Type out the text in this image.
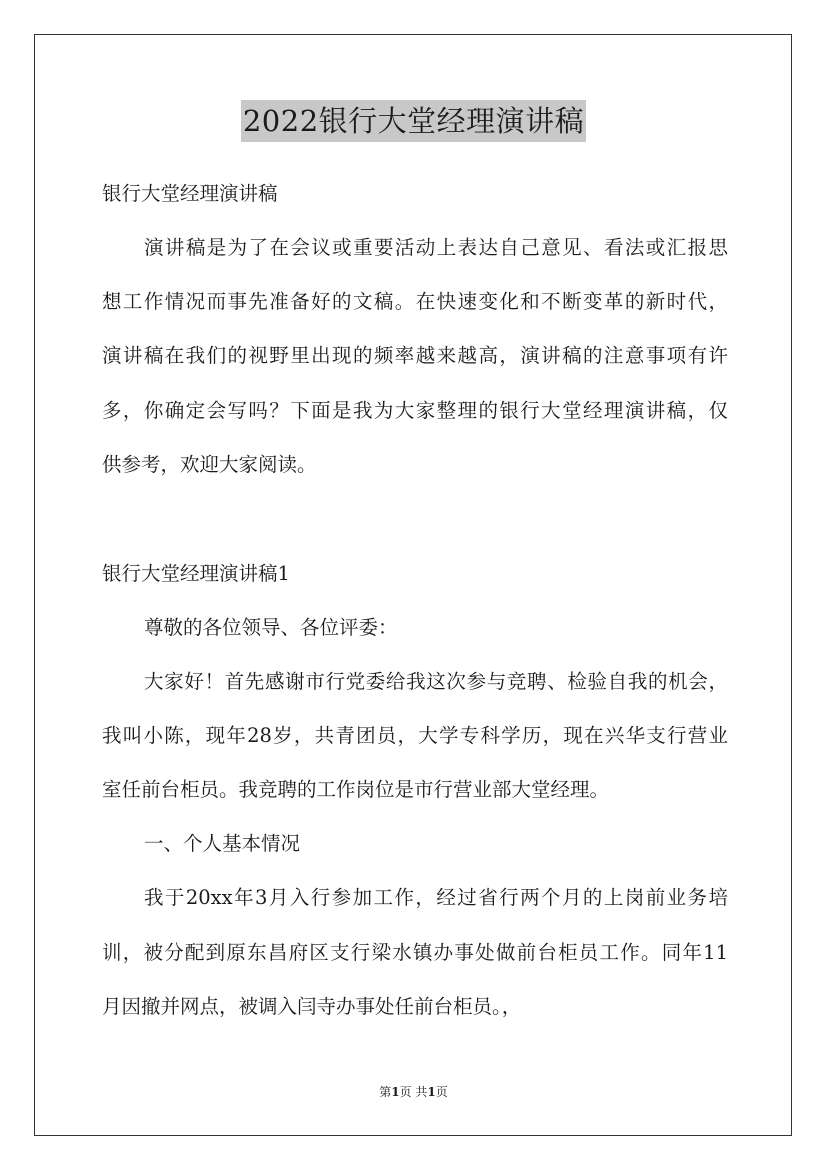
2022银行大堂经理演讲稿
银行大堂经理演讲稿
演讲稿是为了在会议或重要活动上表达自己意见、看法或汇报思
想工作情况而事先准备好的文稿。在快速变化和不断变革的新时代，
演讲稿在我们的视野里出现的频率越来越高，演讲稿的注意事项有许
多，你确定会写吗？下面是我为大家整理的银行大堂经理演讲稿，仅
供参考，欢迎大家阅读。
银行大堂经理演讲稿1
尊敬的各位领导、各位评委：
大家好！首先感谢市行党委给我这次参与竞聘、检验自我的机会，
我叫小陈，现年28岁，共青团员，大学专科学历，现在兴华支行营业
室任前台柜员。我竞聘的工作岗位是市行营业部大堂经理。
一、个人基本情况
我于20xx年3月入行参加工作，经过省行两个月的上岗前业务培
训，被分配到原东昌府区支行梁水镇办事处做前台柜员工作。同年11
月因撤并网点，被调入闫寺办事处任前台柜员。，
第1页 共1页
